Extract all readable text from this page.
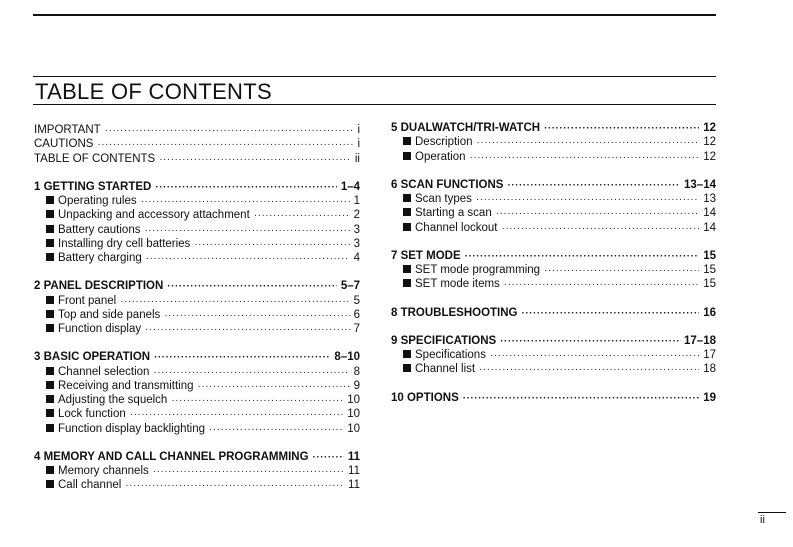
TABLE OF CONTENTS
IMPORTANT ·····	i
CAUTIONS ·····	i
TABLE OF CONTENTS ·····	ii
1 GETTING STARTED ·····	1–4
Operating rules ·····	1
Unpacking and accessory attachment ·····	2
Battery cautions ·····	3
Installing dry cell batteries ·····	3
Battery charging ·····	4
2 PANEL DESCRIPTION ·····	5–7
Front panel ·····	5
Top and side panels ·····	6
Function display ·····	7
3 BASIC OPERATION ·····	8–10
Channel selection ·····	8
Receiving and transmitting ·····	9
Adjusting the squelch ·····	10
Lock function ·····	10
Function display backlighting ·····	10
4 MEMORY AND CALL CHANNEL PROGRAMMING ·····	11
Memory channels ·····	11
Call channel ·····	11
5 DUALWATCH/TRI-WATCH ·····	12
Description ·····	12
Operation ·····	12
6 SCAN FUNCTIONS ·····	13–14
Scan types ·····	13
Starting a scan ·····	14
Channel lockout ·····	14
7 SET MODE ·····	15
SET mode programming ·····	15
SET mode items ·····	15
8 TROUBLESHOOTING ·····	16
9 SPECIFICATIONS ·····	17–18
Specifications ·····	17
Channel list ·····	18
10 OPTIONS ·····	19
ii
